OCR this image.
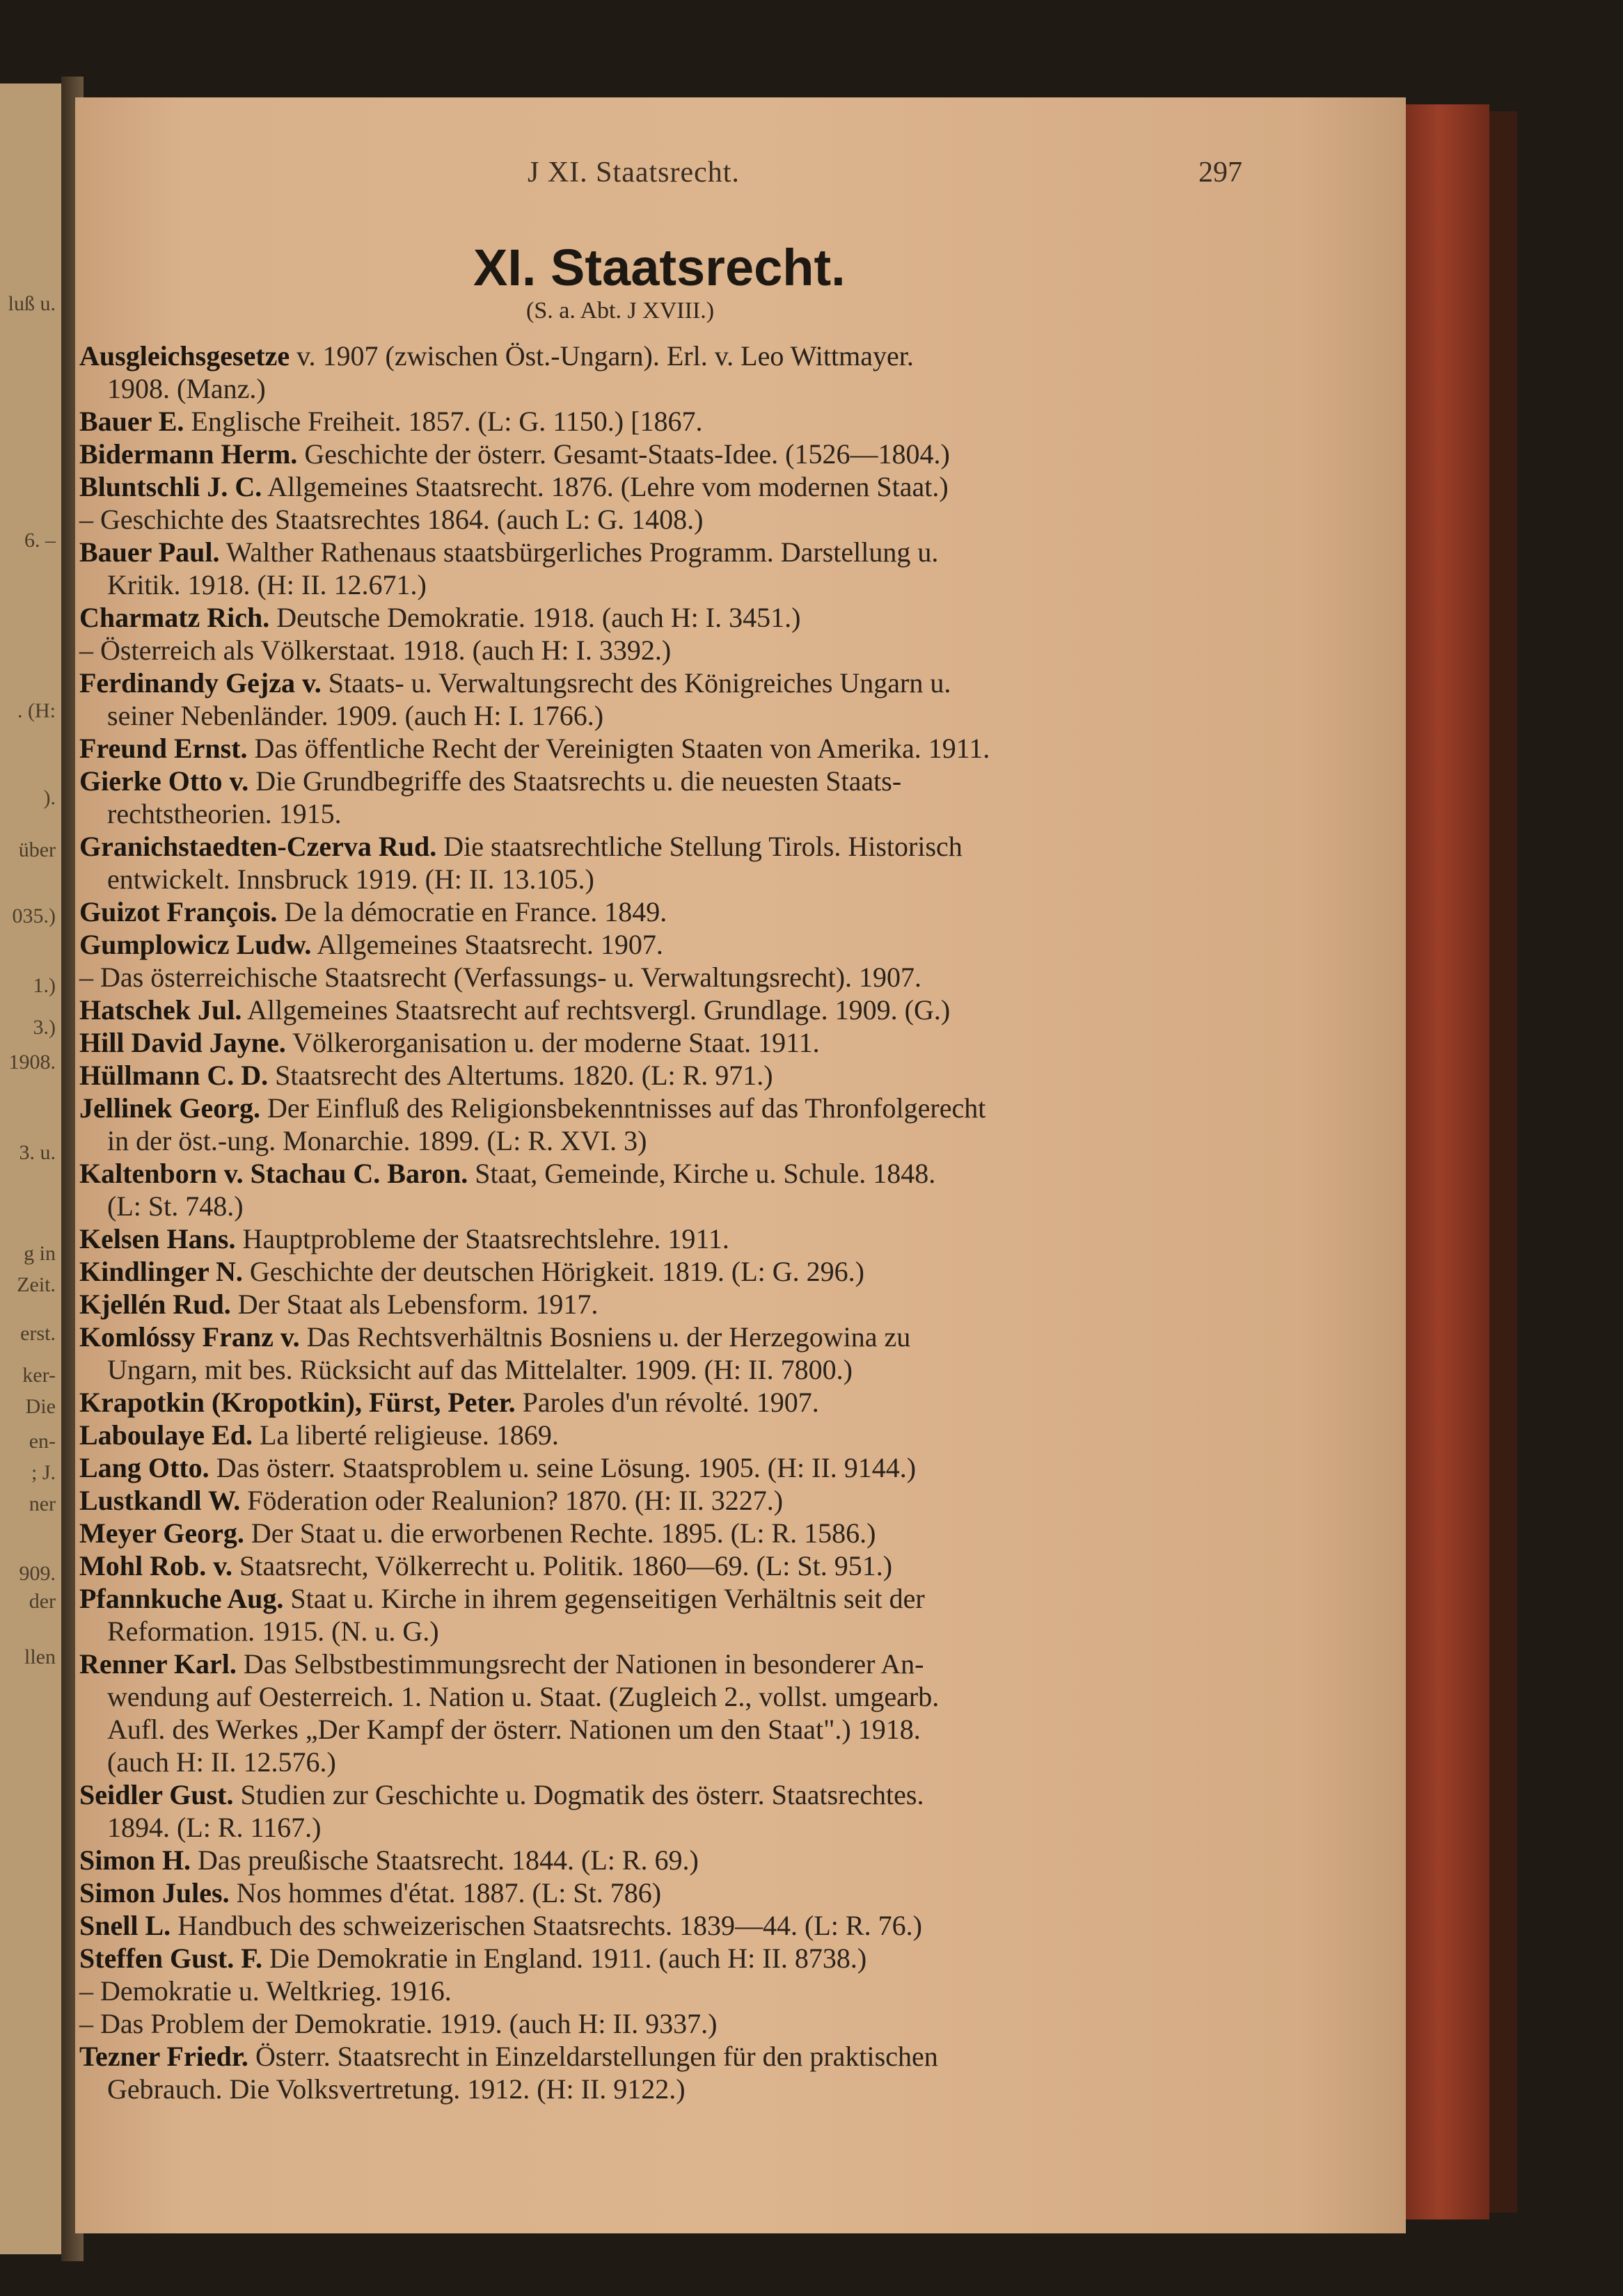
luß u.
6. –
. (H:
).
über
035.)
1.)
3.)
1908.
3. u.
g in
Zeit.
erst.
ker-
Die
en-
; J.
ner
909.
der
llen
J XI. Staatsrecht.	297
XI. Staatsrecht.
(S. a. Abt. J XVIII.)
Ausgleichsgesetze v. 1907 (zwischen Öst.-Ungarn). Erl. v. Leo Wittmayer.
1908. (Manz.)
Bauer E. Englische Freiheit. 1857. (L: G. 1150.) [1867.
Bidermann Herm. Geschichte der österr. Gesamt-Staats-Idee. (1526—1804.)
Bluntschli J. C. Allgemeines Staatsrecht. 1876. (Lehre vom modernen Staat.)
– Geschichte des Staatsrechtes 1864. (auch L: G. 1408.)
Bauer Paul. Walther Rathenaus staatsbürgerliches Programm. Darstellung u.
Kritik. 1918. (H: II. 12.671.)
Charmatz Rich. Deutsche Demokratie. 1918. (auch H: I. 3451.)
– Österreich als Völkerstaat. 1918. (auch H: I. 3392.)
Ferdinandy Gejza v. Staats- u. Verwaltungsrecht des Königreiches Ungarn u.
seiner Nebenländer. 1909. (auch H: I. 1766.)
Freund Ernst. Das öffentliche Recht der Vereinigten Staaten von Amerika. 1911.
Gierke Otto v. Die Grundbegriffe des Staatsrechts u. die neuesten Staats-
rechtstheorien. 1915.
Granichstaedten-Czerva Rud. Die staatsrechtliche Stellung Tirols. Historisch
entwickelt. Innsbruck 1919. (H: II. 13.105.)
Guizot François. De la démocratie en France. 1849.
Gumplowicz Ludw. Allgemeines Staatsrecht. 1907.
– Das österreichische Staatsrecht (Verfassungs- u. Verwaltungsrecht). 1907.
Hatschek Jul. Allgemeines Staatsrecht auf rechtsvergl. Grundlage. 1909. (G.)
Hill David Jayne. Völkerorganisation u. der moderne Staat. 1911.
Hüllmann C. D. Staatsrecht des Altertums. 1820. (L: R. 971.)
Jellinek Georg. Der Einfluß des Religionsbekenntnisses auf das Thronfolgerecht
in der öst.-ung. Monarchie. 1899. (L: R. XVI. 3)
Kaltenborn v. Stachau C. Baron. Staat, Gemeinde, Kirche u. Schule. 1848.
(L: St. 748.)
Kelsen Hans. Hauptprobleme der Staatsrechtslehre. 1911.
Kindlinger N. Geschichte der deutschen Hörigkeit. 1819. (L: G. 296.)
Kjellén Rud. Der Staat als Lebensform. 1917.
Komlóssy Franz v. Das Rechtsverhältnis Bosniens u. der Herzegowina zu
Ungarn, mit bes. Rücksicht auf das Mittelalter. 1909. (H: II. 7800.)
Krapotkin (Kropotkin), Fürst, Peter. Paroles d'un révolté. 1907.
Laboulaye Ed. La liberté religieuse. 1869.
Lang Otto. Das österr. Staatsproblem u. seine Lösung. 1905. (H: II. 9144.)
Lustkandl W. Föderation oder Realunion? 1870. (H: II. 3227.)
Meyer Georg. Der Staat u. die erworbenen Rechte. 1895. (L: R. 1586.)
Mohl Rob. v. Staatsrecht, Völkerrecht u. Politik. 1860—69. (L: St. 951.)
Pfannkuche Aug. Staat u. Kirche in ihrem gegenseitigen Verhältnis seit der
Reformation. 1915. (N. u. G.)
Renner Karl. Das Selbstbestimmungsrecht der Nationen in besonderer An-
wendung auf Oesterreich. 1. Nation u. Staat. (Zugleich 2., vollst. umgearb.
Aufl. des Werkes „Der Kampf der österr. Nationen um den Staat".) 1918.
(auch H: II. 12.576.)
Seidler Gust. Studien zur Geschichte u. Dogmatik des österr. Staatsrechtes.
1894. (L: R. 1167.)
Simon H. Das preußische Staatsrecht. 1844. (L: R. 69.)
Simon Jules. Nos hommes d'état. 1887. (L: St. 786)
Snell L. Handbuch des schweizerischen Staatsrechts. 1839—44. (L: R. 76.)
Steffen Gust. F. Die Demokratie in England. 1911. (auch H: II. 8738.)
– Demokratie u. Weltkrieg. 1916.
– Das Problem der Demokratie. 1919. (auch H: II. 9337.)
Tezner Friedr. Österr. Staatsrecht in Einzeldarstellungen für den praktischen
Gebrauch. Die Volksvertretung. 1912. (H: II. 9122.)
